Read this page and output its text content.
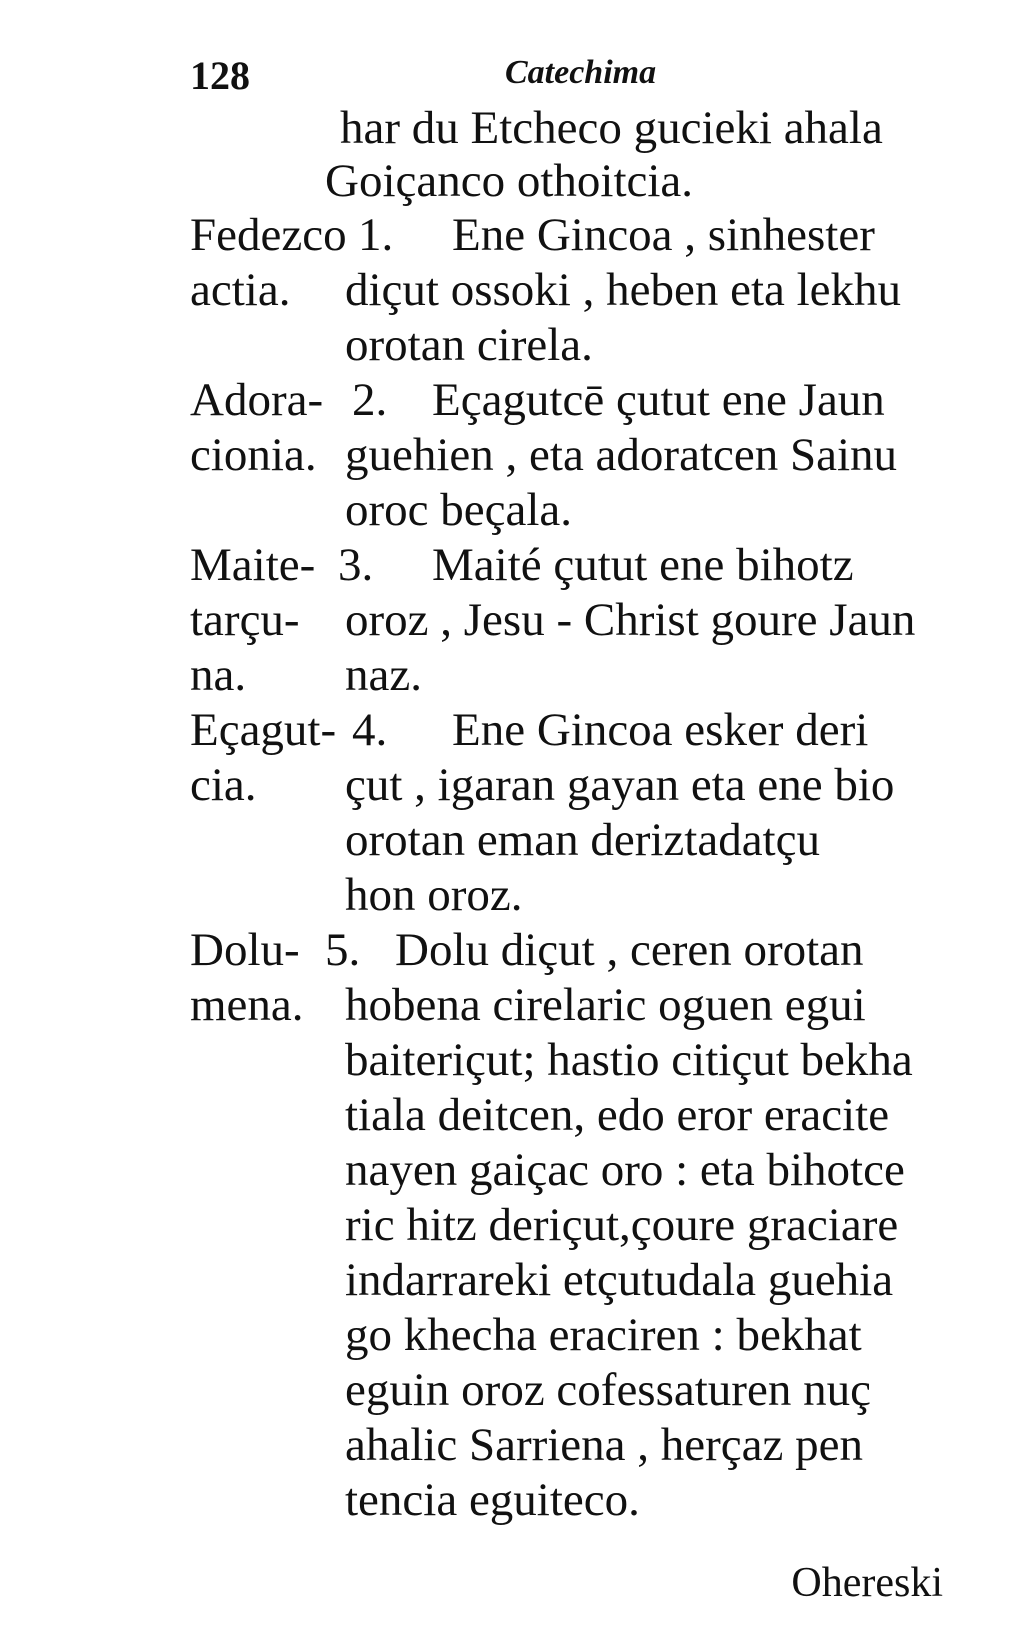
128	Catechima
har du Etcheco gucieki ahala
Goiçanco othoitcia.
Fedezco
actia.
1. Ene Gincoa , sinhester
diçut ossoki , heben eta lekhu
orotan cirela.
Adora-
cionia.
2. Eçagutcē çutut ene Jaun
guehien , eta adoratcen Sainu
oroc beçala.
Maite-
tarçu-
na.
3. Maité çutut ene bihotz
oroz , Jesu - Christ goure Jaun
naz.
Eçagut-
cia.
4. Ene Gincoa esker deri
çut , igaran gayan eta ene bio
orotan eman deriztadatçu
hon oroz.
Dolu-
mena.
5. Dolu diçut , ceren orotan
hobena cirelaric oguen egui
baiteriçut; hastio citiçut bekha
tiala deitcen, edo eror eracite
nayen gaiçac oro : eta bihotce
ric hitz deriçut,çoure graciare
indarrareki etçutudala guehia
go khecha eraciren : bekhat
eguin oroz cofessaturen nuç
ahalic Sarriena , herçaz pen
tencia eguiteco.
Ohereski
